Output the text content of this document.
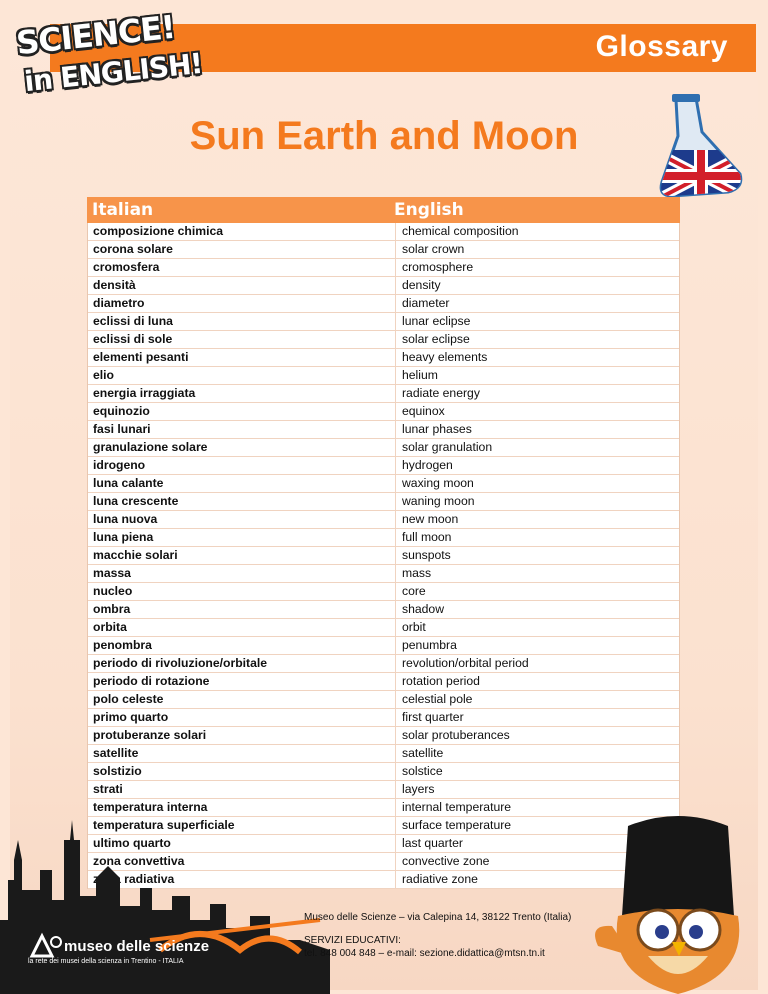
Glossary
SCIENCE!
in ENGLISH!
Sun Earth and Moon
Italian	English
composizione chimica	chemical composition
corona solare	solar crown
cromosfera	cromosphere
densità	density
diametro	diameter
eclissi di luna	lunar eclipse
eclissi di sole	solar eclipse
elementi pesanti	heavy elements
elio	helium
energia irraggiata	radiate energy
equinozio	equinox
fasi lunari	lunar phases
granulazione solare	solar granulation
idrogeno	hydrogen
luna calante	waxing moon
luna crescente	waning moon
luna nuova	new moon
luna piena	full moon
macchie solari	sunspots
massa	mass
nucleo	core
ombra	shadow
orbita	orbit
penombra	penumbra
periodo di rivoluzione/orbitale	revolution/orbital period
periodo di rotazione	rotation period
polo celeste	celestial pole
primo quarto	first quarter
protuberanze solari	solar protuberances
satellite	satellite
solstizio	solstice
strati	layers
temperatura interna	internal temperature
temperatura superficiale	surface temperature
ultimo quarto	last quarter
zona convettiva	convective zone
zona radiativa	radiative zone
museo delle scienze
la rete dei musei della scienza in Trentino - ITALIA
Museo delle Scienze – via Calepina 14, 38122 Trento (Italia)
SERVIZI EDUCATIVI:
tel. 848 004 848 – e-mail: sezione.didattica@mtsn.tn.it
